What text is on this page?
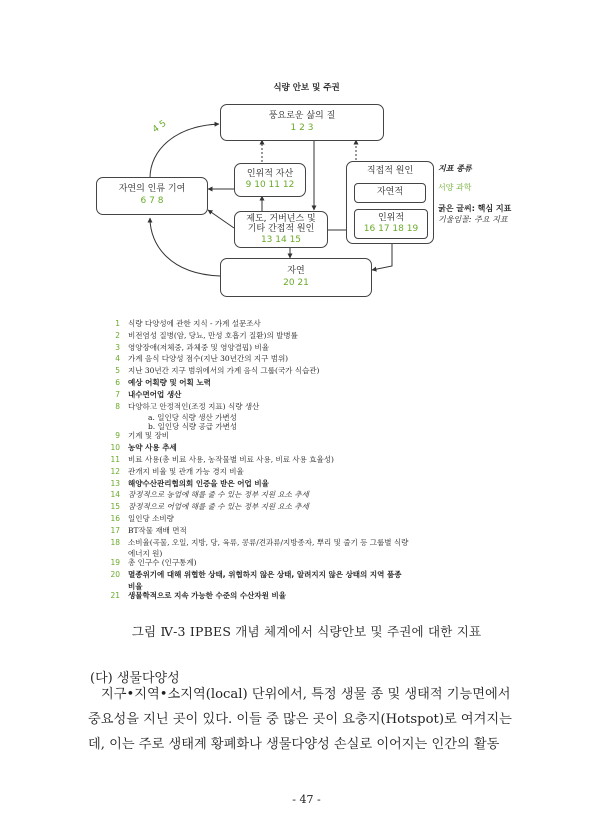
식량 안보 및 주권
풍요로운 삶의 질
1 2 3
인위적 자산
9 10 11 12
자연의 인류 기여
6 7 8
제도, 거버넌스 및
기타 간접적 원인
13 14 15
직접적 원인
자연적
인위적
16 17 18 19
자연
20 21
4 5
지표 종류
서양 과학
굵은 글씨: 핵심 지표
기울임꼴: 주요 지표
1 식량 다양성에 관한 지식 - 가계 설문조사
2 비전염성 질병(암, 당뇨, 만성 호흡기 질환)의 발병률
3 영양장애(저체중, 과체중 및 영양결핍) 비율
4 가계 음식 다양성 점수(지난 30년간의 지구 범위)
5 지난 30년간 지구 범위에서의 가계 음식 그룹(국가 식습관)
6 예상 어획량 및 어획 노력
7 내수면어업 생산
8 다양하고 안정적인(조정 지표) 식량 생산
a. 일인당 식량 생산 가변성
b. 일인당 식량 공급 가변성
9 기계 및 장비
10 농약 사용 추세
11 비료 사용(총 비료 사용, 농작물별 비료 사용, 비료 사용 효율성)
12 관개지 비율 및 관개 가능 경지 비율
13 해양수산관리협의회 인증을 받은 어업 비율
14 잠정적으로 농업에 해를 줄 수 있는 정부 지원 요소 추세
15 잠정적으로 어업에 해를 줄 수 있는 정부 지원 요소 추세
16 일인당 소비량
17 BT작물 재배 면적
18 소비율(곡물, 오일, 지방, 당, 육류, 콩류/견과류/지방종자, 뿌리 및 줄기 등 그룹별 식량
에너지 원)
19 총 인구수 (인구통계)
20 멸종위기에 대해 위협한 상태, 위협하지 않은 상태, 알려지지 않은 상태의 지역 품종
비율
21 생물학적으로 지속 가능한 수준의 수산자원 비율
그림 Ⅳ-3 IPBES 개념 체계에서 식량안보 및 주권에 대한 지표
(다) 생물다양성
지구•지역•소지역(local) 단위에서, 특정 생물 종 및 생태적 기능면에서
중요성을 지닌 곳이 있다. 이들 중 많은 곳이 요충지(Hotspot)로 여겨지는
데, 이는 주로 생태계 황폐화나 생물다양성 손실로 이어지는 인간의 활동
- 47 -
